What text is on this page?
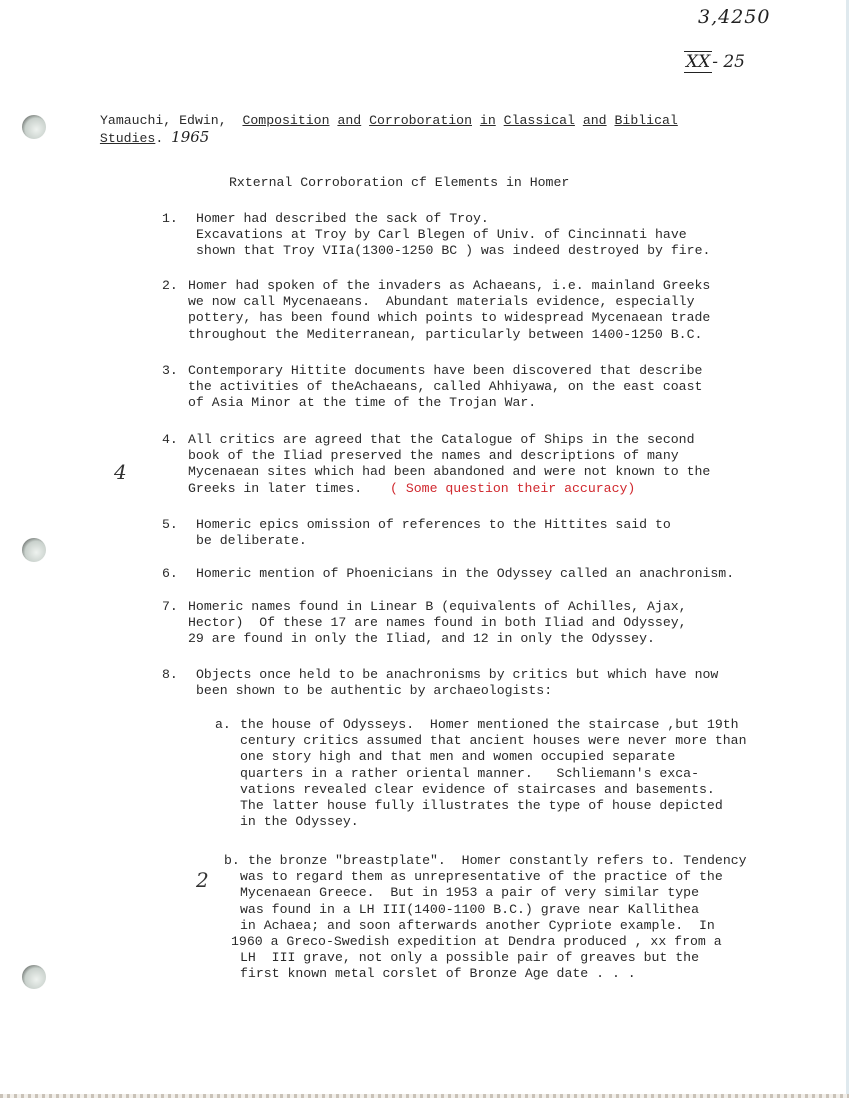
3,4250
XX - 25
Yamauchi, Edwin, Composition and Corroboration in Classical and Biblical
Studies. 1965
Rxternal Corroboration cf Elements in Homer
1. Homer had described the sack of Troy.
Excavations at Troy by Carl Blegen of Univ. of Cincinnati have
shown that Troy VIIa(1300-1250 BC ) was indeed destroyed by fire.
2. Homer had spoken of the invaders as Achaeans, i.e. mainland Greeks
we now call Mycenaeans.  Abundant materials evidence, especially
pottery, has been found which points to widespread Mycenaean trade
throughout the Mediterranean, particularly between 1400-1250 B.C.
3. Contemporary Hittite documents have been discovered that describe
the activities of theAchaeans, called Ahhiyawa, on the east coast
of Asia Minor at the time of the Trojan War.
4. All critics are agreed that the Catalogue of Ships in the second
book of the Iliad preserved the names and descriptions of many
Mycenaean sites which had been abandoned and were not known to the
Greeks in later times. ( Some question their accuracy)
5. Homeric epics omission of references to the Hittites said to
be deliberate.
6. Homeric mention of Phoenicians in the Odyssey called an anachronism.
7. Homeric names found in Linear B (equivalents of Achilles, Ajax,
Hector)  Of these 17 are names found in both Iliad and Odyssey,
29 are found in only the Iliad, and 12 in only the Odyssey.
8. Objects once held to be anachronisms by critics but which have now
been shown to be authentic by archaeologists:
a. the house of Odysseys.  Homer mentioned the staircase ,but 19th
century critics assumed that ancient houses were never more than
one story high and that men and women occupied separate
quarters in a rather oriental manner.   Schliemann's exca-
vations revealed clear evidence of staircases and basements.
The latter house fully illustrates the type of house depicted
in the Odyssey.
b. the bronze "breastplate".  Homer constantly refers to. Tendency
was to regard them as unrepresentative of the practice of the
Mycenaean Greece.  But in 1953 a pair of very similar type
was found in a LH III(1400-1100 B.C.) grave near Kallithea
in Achaea; and soon afterwards another Cypriote example.  In
1960 a Greco-Swedish expedition at Dendra produced , xx from a
LH  III grave, not only a possible pair of greaves but the
first known metal corslet of Bronze Age date . . .
4
2
